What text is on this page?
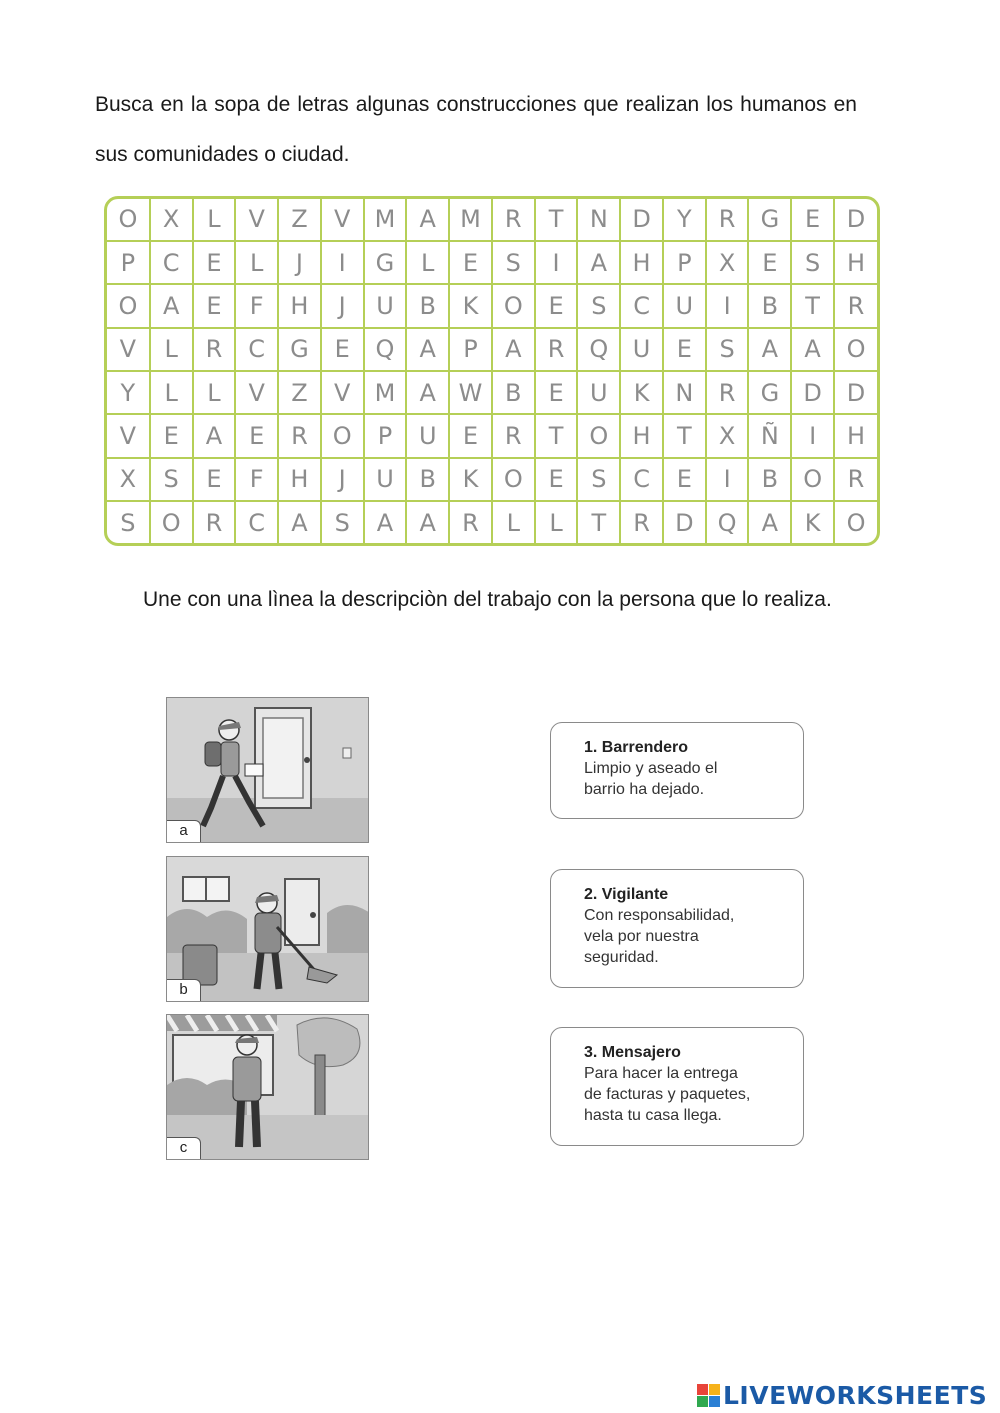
Busca en la sopa de letras algunas construcciones que realizan los humanos en sus comunidades o ciudad.
O	X	L	V	Z	V	M	A	M	R	T	N	D	Y	R	G	E	D
P	C	E	L	J	I	G	L	E	S	I	A	H	P	X	E	S	H
O	A	E	F	H	J	U	B	K	O	E	S	C	U	I	B	T	R
V	L	R	C	G	E	Q	A	P	A	R	Q	U	E	S	A	A	O
Y	L	L	V	Z	V	M	A	W	B	E	U	K	N	R	G	D	D
V	E	A	E	R	O	P	U	E	R	T	O	H	T	X	Ñ	I	H
X	S	E	F	H	J	U	B	K	O	E	S	C	E	I	B	O	R
S	O	R	C	A	S	A	A	R	L	L	T	R	D	Q	A	K	O
Une con una lìnea la descripciòn del trabajo con la persona que lo realiza.
a
b
c
1. Barrendero
Limpio y aseado el
barrio ha dejado.
2. Vigilante
Con responsabilidad,
vela por nuestra
seguridad.
3. Mensajero
Para hacer la entrega
de facturas y paquetes,
hasta tu casa llega.
LIVEWORKSHEETS
